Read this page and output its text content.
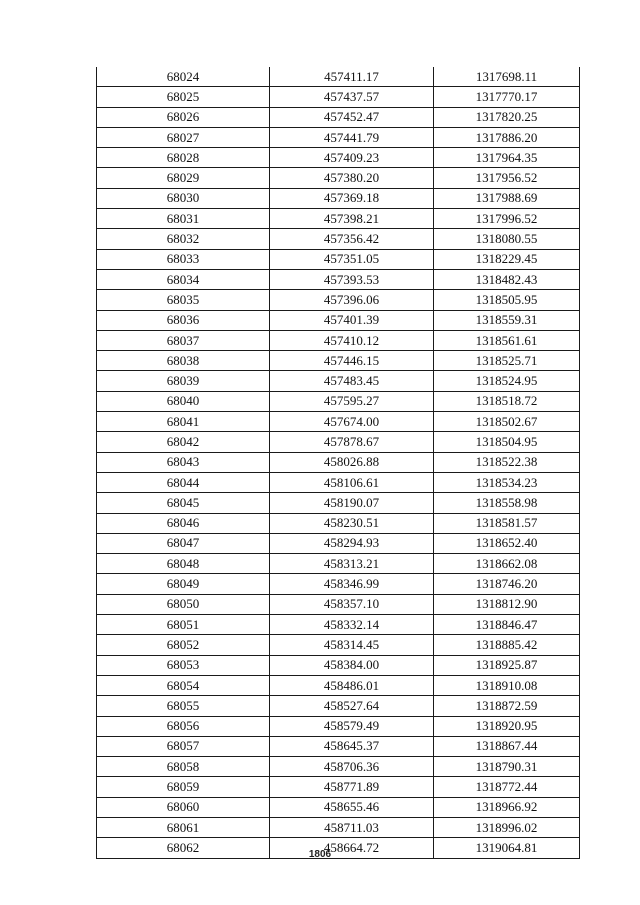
68024	457411.17	1317698.11
68025	457437.57	1317770.17
68026	457452.47	1317820.25
68027	457441.79	1317886.20
68028	457409.23	1317964.35
68029	457380.20	1317956.52
68030	457369.18	1317988.69
68031	457398.21	1317996.52
68032	457356.42	1318080.55
68033	457351.05	1318229.45
68034	457393.53	1318482.43
68035	457396.06	1318505.95
68036	457401.39	1318559.31
68037	457410.12	1318561.61
68038	457446.15	1318525.71
68039	457483.45	1318524.95
68040	457595.27	1318518.72
68041	457674.00	1318502.67
68042	457878.67	1318504.95
68043	458026.88	1318522.38
68044	458106.61	1318534.23
68045	458190.07	1318558.98
68046	458230.51	1318581.57
68047	458294.93	1318652.40
68048	458313.21	1318662.08
68049	458346.99	1318746.20
68050	458357.10	1318812.90
68051	458332.14	1318846.47
68052	458314.45	1318885.42
68053	458384.00	1318925.87
68054	458486.01	1318910.08
68055	458527.64	1318872.59
68056	458579.49	1318920.95
68057	458645.37	1318867.44
68058	458706.36	1318790.31
68059	458771.89	1318772.44
68060	458655.46	1318966.92
68061	458711.03	1318996.02
68062	458664.72	1319064.81
1806
